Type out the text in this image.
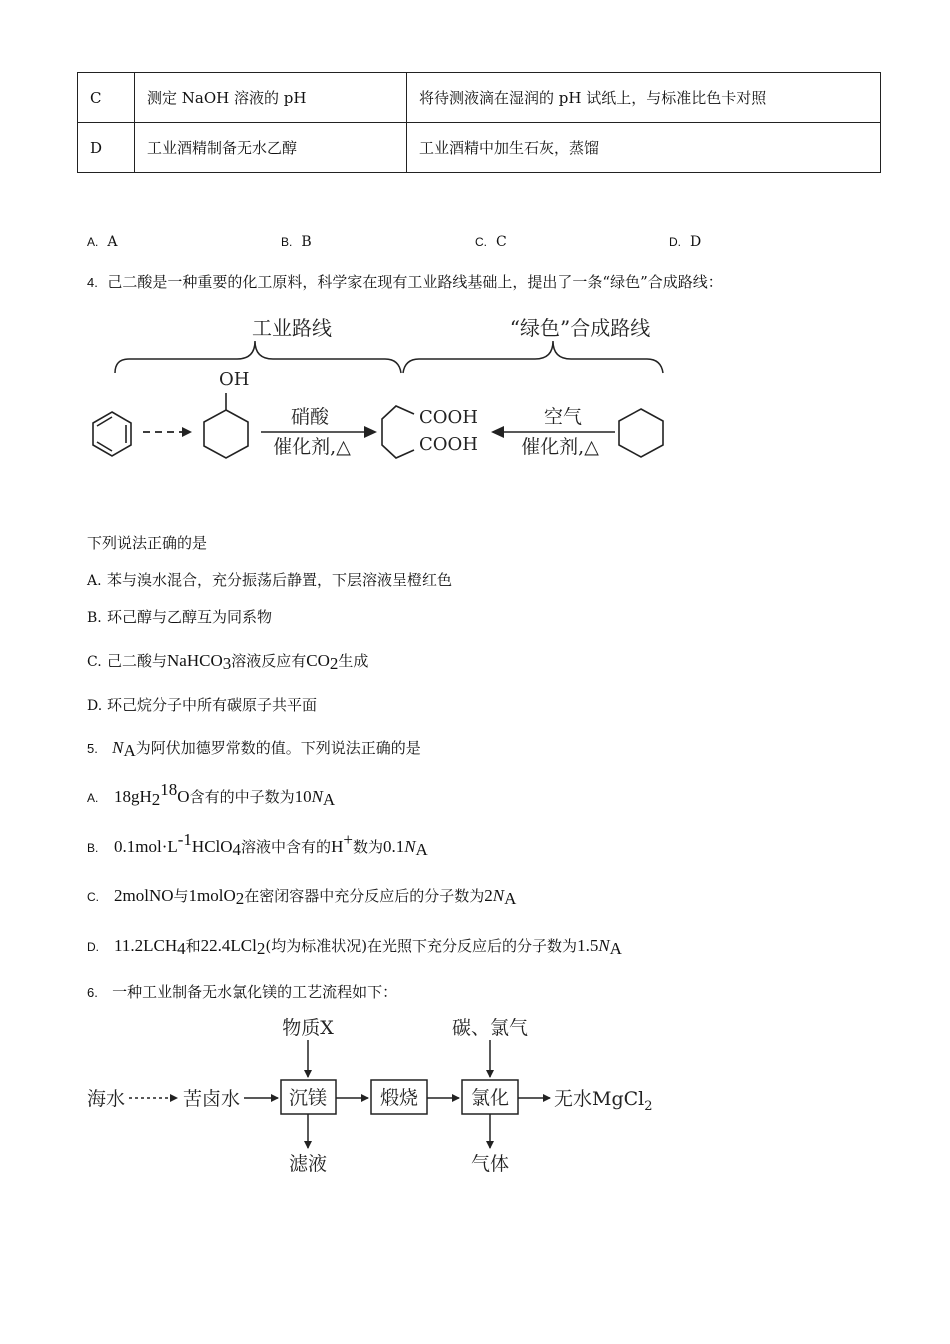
C	测定 NaOH 溶液的 pH	将待测液滴在湿润的 pH 试纸上，与标准比色卡对照
D	工业酒精制备无水乙醇	工业酒精中加生石灰，蒸馏
A. A	B. B	C. C	D. D
4. 己二酸是一种重要的化工原料，科学家在现有工业路线基础上，提出了一条“绿色”合成路线：
工业路线	“绿色”合成路线
OH
硝酸
催化剂,△
COOH
COOH
空气
催化剂,△
下列说法正确的是
A. 苯与溴水混合，充分振荡后静置，下层溶液呈橙红色
B. 环己醇与乙醇互为同系物
C. 己二酸与NaHCO$_3$溶液反应有$CO_2$生成
D. 环己烷分子中所有碳原子共平面
5. $N_A$为阿伏加德罗常数的值。下列说法正确的是
A. $18gH_2^{18}O$含有的中子数为$10N_A$
B. $0.1mol\cdot L^{-1}HClO_4$溶液中含有的H+数为$0.1N_A$
C. 2molNO与1molO$_2$在密闭容器中充分反应后的分子数为$2N_A$
D. $11.2LCH_4$和22.4LCl$_2$(均为标准状况)在光照下充分反应后的分子数为$1.5N_A$
6. 一种工业制备无水氯化镁的工艺流程如下：
海水	苦卤水	沉镁
物质X
滤液
煅烧	氯化
碳、氯气
气体
无水MgCl$_2$
